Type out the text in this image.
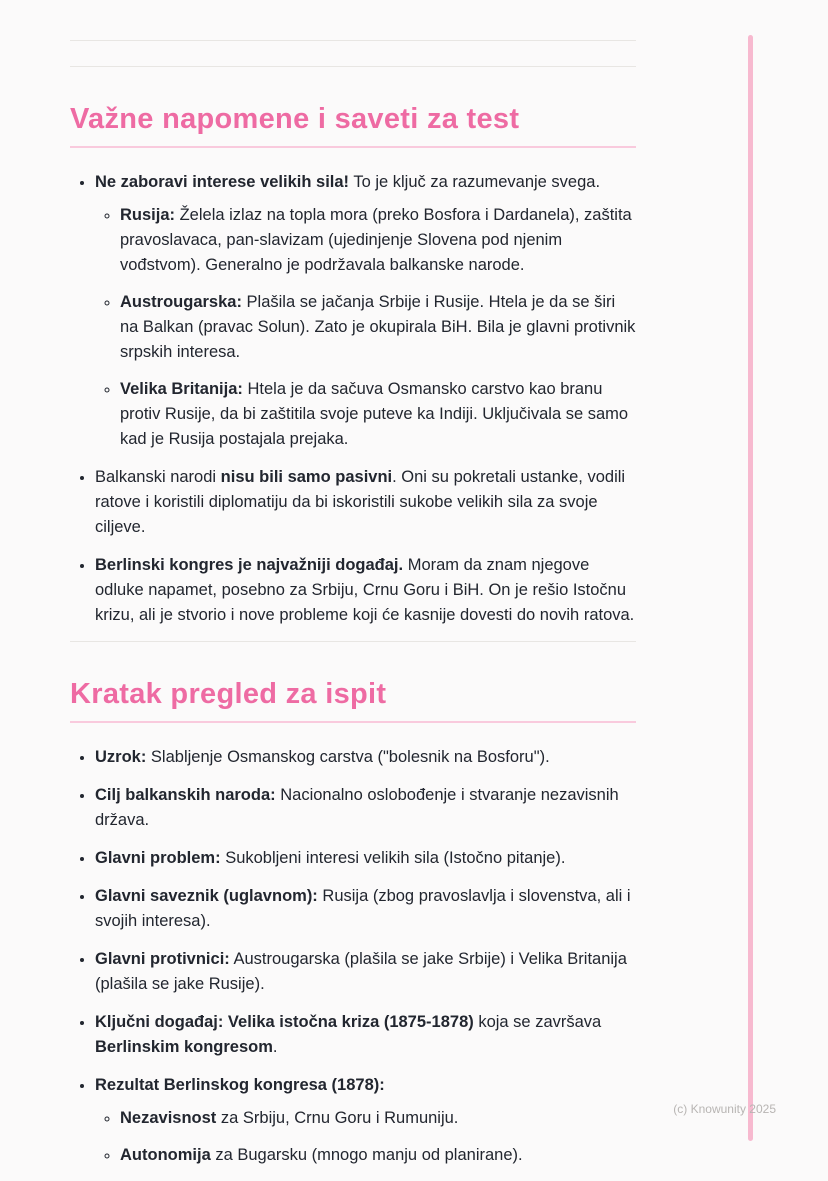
Važne napomene i saveti za test
• Ne zaboravi interese velikih sila! To je ključ za razumevanje svega.
◦ Rusija: Želela izlaz na topla mora (preko Bosfora i Dardanela), zaštita pravoslavaca, pan-slavizam (ujedinjenje Slovena pod njenim vođstvom). Generalno je podržavala balkanske narode.
◦ Austrougarska: Plašila se jačanja Srbije i Rusije. Htela je da se širi na Balkan (pravac Solun). Zato je okupirala BiH. Bila je glavni protivnik srpskih interesa.
◦ Velika Britanija: Htela je da sačuva Osmansko carstvo kao branu protiv Rusije, da bi zaštitila svoje puteve ka Indiji. Uključivala se samo kad je Rusija postajala prejaka.
• Balkanski narodi nisu bili samo pasivni. Oni su pokretali ustanke, vodili ratove i koristili diplomatiju da bi iskoristili sukobe velikih sila za svoje ciljeve.
• Berlinski kongres je najvažniji događaj. Moram da znam njegove odluke napamet, posebno za Srbiju, Crnu Goru i BiH. On je rešio Istočnu krizu, ali je stvorio i nove probleme koji će kasnije dovesti do novih ratova.
Kratak pregled za ispit
• Uzrok: Slabljenje Osmanskog carstva ("bolesnik na Bosforu").
• Cilj balkanskih naroda: Nacionalno oslobođenje i stvaranje nezavisnih država.
• Glavni problem: Sukobljeni interesi velikih sila (Istočno pitanje).
• Glavni saveznik (uglavnom): Rusija (zbog pravoslavlja i slovenstva, ali i svojih interesa).
• Glavni protivnici: Austrougarska (plašila se jake Srbije) i Velika Britanija (plašila se jake Rusije).
• Ključni događaj: Velika istočna kriza (1875-1878) koja se završava Berlinskim kongresom.
• Rezultat Berlinskog kongresa (1878):
◦ Nezavisnost za Srbiju, Crnu Goru i Rumuniju.
◦ Autonomija za Bugarsku (mnogo manju od planirane).
(c) Knowunity 2025
